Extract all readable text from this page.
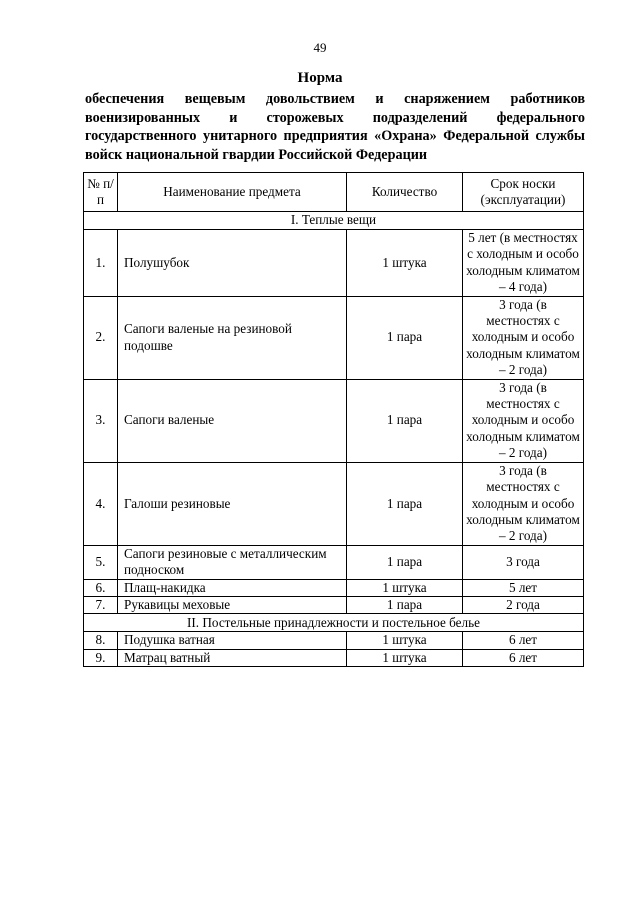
49
Норма
обеспечения вещевым довольствием и снаряжением работников военизированных и сторожевых подразделений федерального государственного унитарного предприятия «Охрана» Федеральной службы войск национальной гвардии Российской Федерации
№ п/п	Наименование предмета	Количество	Срок носки (эксплуатации)
I. Теплые вещи			
1.	Полушубок	1 штука	5 лет (в местностях с холодным и особо холодным климатом – 4 года)
2.	Сапоги валеные на резиновой подошве	1 пара	3 года (в местностях с холодным и особо холодным климатом – 2 года)
3.	Сапоги валеные	1 пара	3 года (в местностях с холодным и особо холодным климатом – 2 года)
4.	Галоши резиновые	1 пара	3 года (в местностях с холодным и особо холодным климатом – 2 года)
5.	Сапоги резиновые с металлическим подноском	1 пара	3 года
6.	Плащ-накидка	1 штука	5 лет
7.	Рукавицы меховые	1 пара	2 года
II. Постельные принадлежности и постельное белье			
8.	Подушка ватная	1 штука	6 лет
9.	Матрац ватный	1 штука	6 лет
